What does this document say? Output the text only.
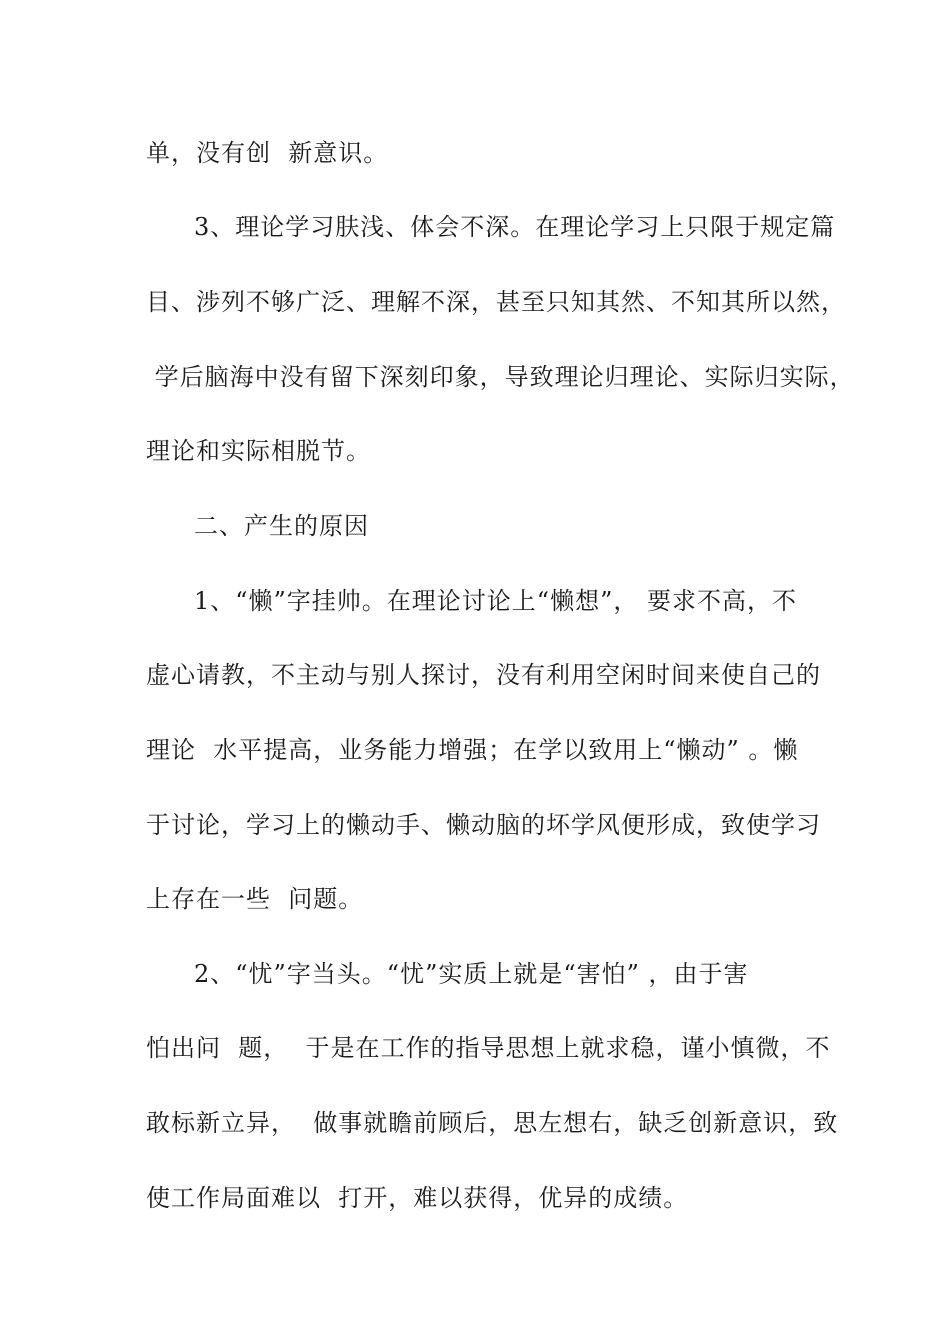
单，没有创  新意识。
3、理论学习肤浅、体会不深。在理论学习上只限于规定篇
目、涉列不够广泛、理解不深，甚至只知其然、不知其所以然，
学后脑海中没有留下深刻印象，导致理论归理论、实际归实际，
理论和实际相脱节。
二、产生的原因
1、“懒”字挂帅。在理论讨论上“懒想”， 要求不高，不
虚心请教，不主动与别人探讨，没有利用空闲时间来使自己的
理论  水平提高，业务能力增强；在学以致用上“懒动” 。懒
于讨论，学习上的懒动手、懒动脑的坏学风便形成，致使学习
上存在一些  问题。
2、“忧”字当头。“忧”实质上就是“害怕” ，由于害
怕出问  题，  于是在工作的指导思想上就求稳，谨小慎微，不
敢标新立异，  做事就瞻前顾后，思左想右，缺乏创新意识，致
使工作局面难以  打开，难以获得，优异的成绩。
